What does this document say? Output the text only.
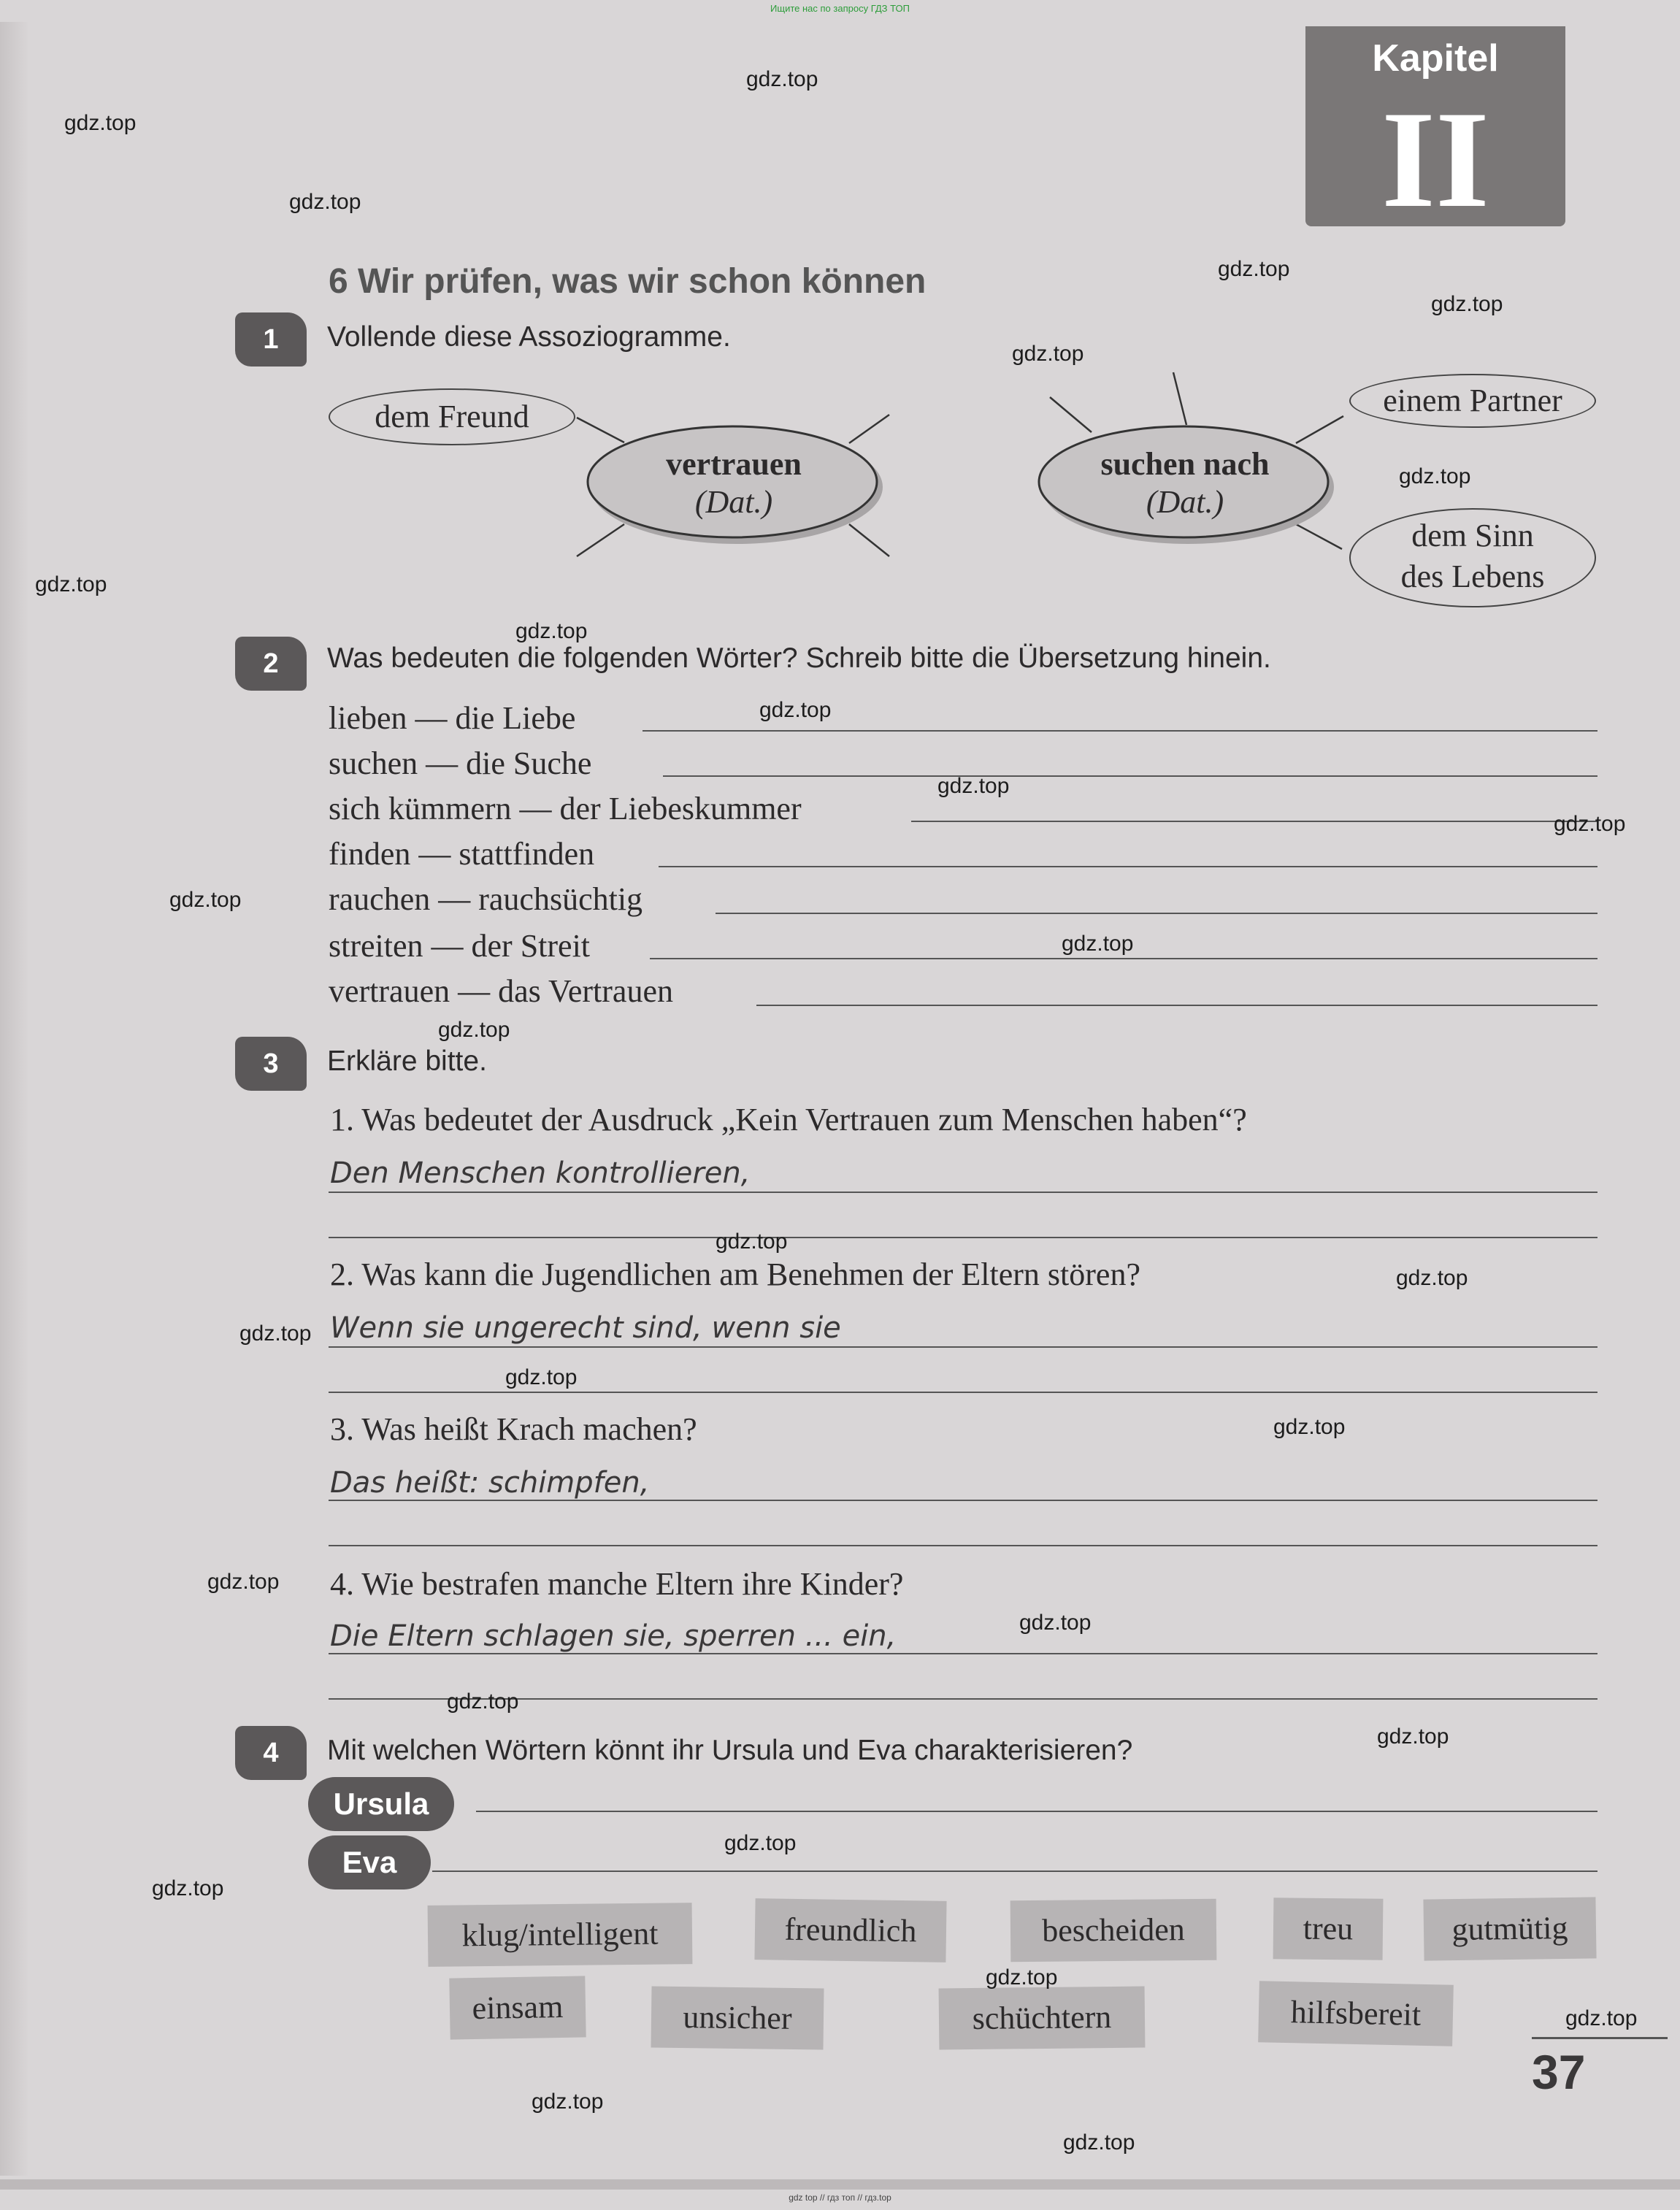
Ищите нас по запросу ГДЗ ТОП
Kapitel
II
6 Wir prüfen, was wir schon können
1	Vollende diese Assoziogramme.
vertrauen
(Dat.)
suchen nach
(Dat.)
dem Freund	einem Partner
dem Sinn
des Lebens
2	Was bedeuten die folgenden Wörter? Schreib bitte die Übersetzung hinein.
lieben — die Liebe
suchen — die Suche
sich kümmern — der Liebeskummer
finden — stattfinden
rauchen — rauchsüchtig
streiten — der Streit
vertrauen — das Vertrauen
3	Erkläre bitte.
1. Was bedeutet der Ausdruck „Kein Vertrauen zum Menschen haben“?
Den Menschen kontrollieren,
2. Was kann die Jugendlichen am Benehmen der Eltern stören?
Wenn sie ungerecht sind, wenn sie
3. Was heißt Krach machen?
Das heißt: schimpfen,
4. Wie bestrafen manche Eltern ihre Kinder?
Die Eltern schlagen sie, sperren ... ein,
4	Mit welchen Wörtern könnt ihr Ursula und Eva charakterisieren?
Ursula
Eva
klug/intelligent	freundlich	bescheiden	treu	gutmütig
einsam	unsicher	schüchtern	hilfsbereit
37
gdz.top
gdz.top
gdz.top
gdz.top
gdz.top
gdz.top
gdz.top
gdz.top
gdz.top
gdz.top
gdz.top
gdz.top
gdz.top
gdz.top
gdz.top
gdz.top
gdz.top
gdz.top
gdz.top
gdz.top
gdz.top
gdz.top
gdz.top
gdz.top
gdz.top
gdz.top
gdz.top
gdz.top
gdz.top
gdz.top
gdz top // гдз топ // гдз.top
